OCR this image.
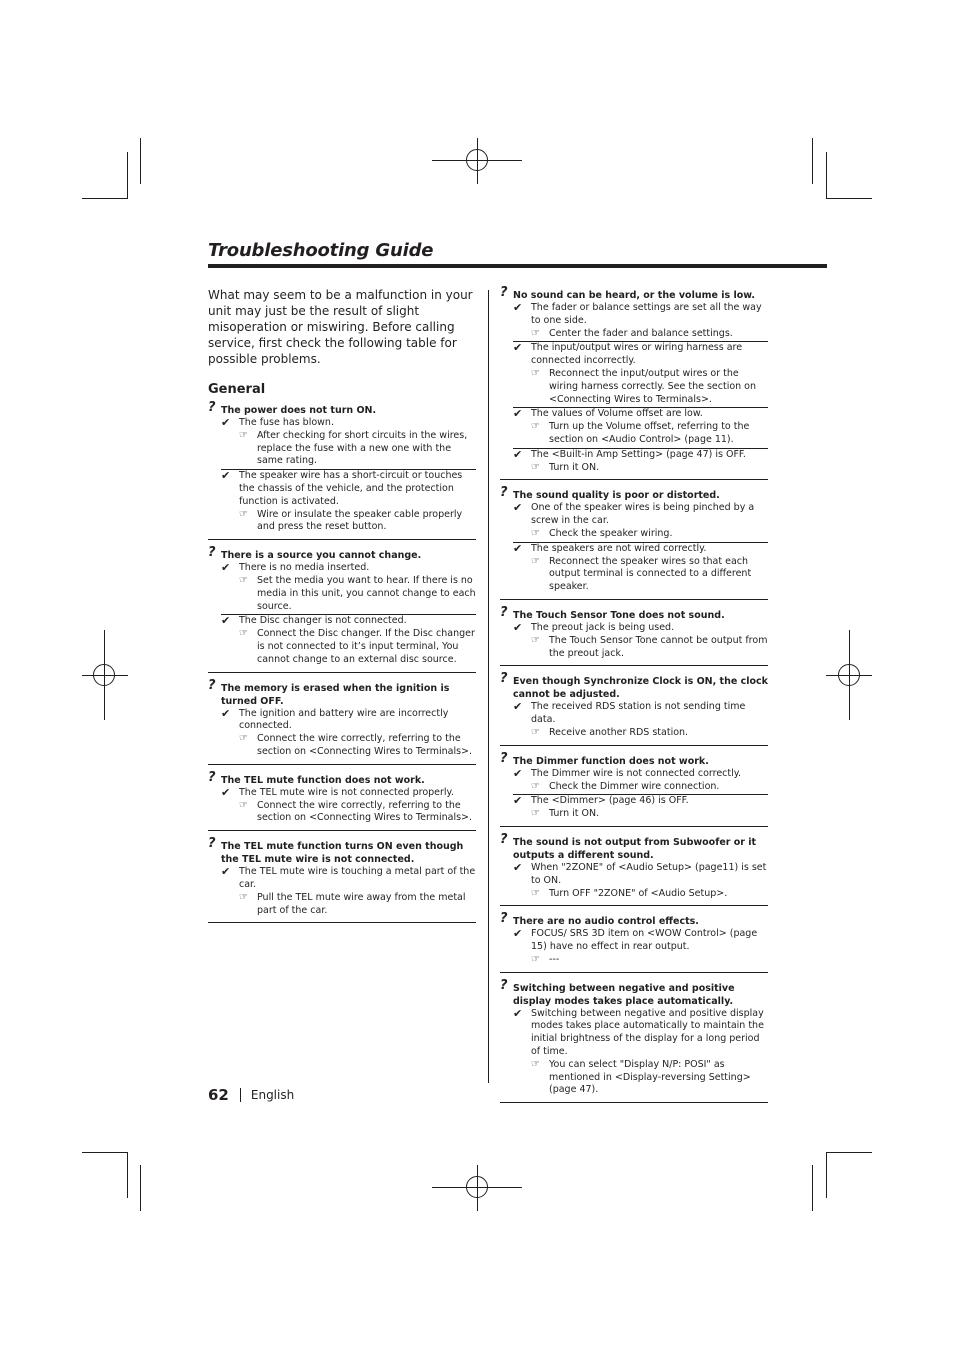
Troubleshooting Guide

What may seem to be a malfunction in your unit may just be the result of slight misoperation or miswiring. Before calling service, first check the following table for possible problems.

General
? The power does not turn ON.
✔ The fuse has blown.
☞ After checking for short circuits in the wires, replace the fuse with a new one with the same rating.
✔ The speaker wire has a short-circuit or touches the chassis of the vehicle, and the protection function is activated.
☞ Wire or insulate the speaker cable properly and press the reset button.
? There is a source you cannot change.
✔ There is no media inserted.
☞ Set the media you want to hear. If there is no media in this unit, you cannot change to each source.
✔ The Disc changer is not connected.
☞ Connect the Disc changer. If the Disc changer is not connected to it’s input terminal, You cannot change to an external disc source.
? The memory is erased when the ignition is turned OFF.
✔ The ignition and battery wire are incorrectly connected.
☞ Connect the wire correctly, referring to the section on <Connecting Wires to Terminals>.
? The TEL mute function does not work.
✔ The TEL mute wire is not connected properly.
☞ Connect the wire correctly, referring to the section on <Connecting Wires to Terminals>.
? The TEL mute function turns ON even though the TEL mute wire is not connected.
✔ The TEL mute wire is touching a metal part of the car.
☞ Pull the TEL mute wire away from the metal part of the car.
? No sound can be heard, or the volume is low.
✔ The fader or balance settings are set all the way to one side.
☞ Center the fader and balance settings.
✔ The input/output wires or wiring harness are connected incorrectly.
☞ Reconnect the input/output wires or the wiring harness correctly. See the section on <Connecting Wires to Terminals>.
✔ The values of Volume offset are low.
☞ Turn up the Volume offset, referring to the section on <Audio Control> (page 11).
✔ The <Built-in Amp Setting> (page 47) is OFF.
☞ Turn it ON.
? The sound quality is poor or distorted.
✔ One of the speaker wires is being pinched by a screw in the car.
☞ Check the speaker wiring.
✔ The speakers are not wired correctly.
☞ Reconnect the speaker wires so that each output terminal is connected to a different speaker.
? The Touch Sensor Tone does not sound.
✔ The preout jack is being used.
☞ The Touch Sensor Tone cannot be output from the preout jack.
? Even though Synchronize Clock is ON, the clock cannot be adjusted.
✔ The received RDS station is not sending time data.
☞ Receive another RDS station.
? The Dimmer function does not work.
✔ The Dimmer wire is not connected correctly.
☞ Check the Dimmer wire connection.
✔ The <Dimmer> (page 46) is OFF.
☞ Turn it ON.
? The sound is not output from Subwoofer or it outputs a different sound.
✔ When "2ZONE" of <Audio Setup> (page11) is set to ON.
☞ Turn OFF "2ZONE" of <Audio Setup>.
? There are no audio control effects.
✔ FOCUS/ SRS 3D item on <WOW Control> (page 15) have no effect in rear output.
☞ ---
? Switching between negative and positive display modes takes place automatically.
✔ Switching between negative and positive display modes takes place automatically to maintain the initial brightness of the display for a long period of time.
☞ You can select "Display N/P: POSI" as mentioned in <Display-reversing Setting> (page 47).
62 English
